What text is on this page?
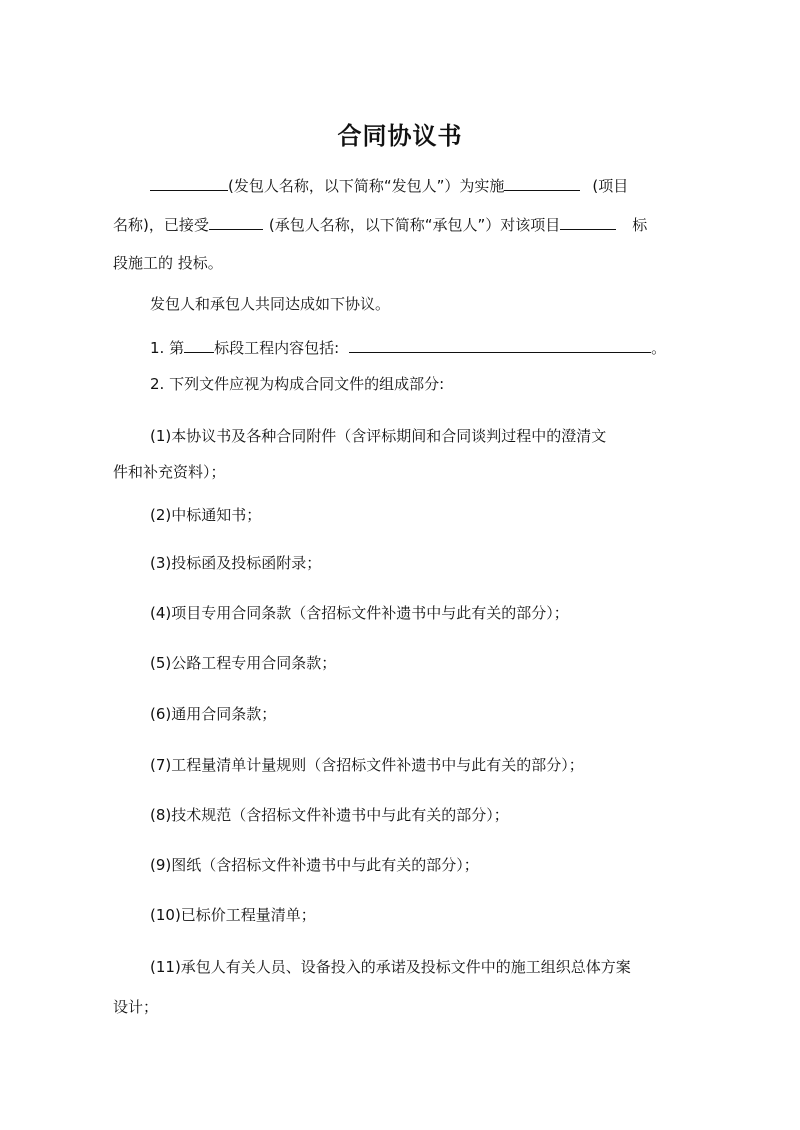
合同协议书
(发包人名称，以下简称“发包人”）为实施	(项目
名称)，已接受	(承包人名称，以下简称“承包人”）对该项目	标
段施工的 投标。
发包人和承包人共同达成如下协议。
1. 第 标段工程内容包括:	。
2. 下列文件应视为构成合同文件的组成部分:
(1)本协议书及各种合同附件（含评标期间和合同谈判过程中的澄清文
件和补充资料）；
(2)中标通知书；
(3)投标函及投标函附录；
(4)项目专用合同条款（含招标文件补遗书中与此有关的部分）；
(5)公路工程专用合同条款；
(6)通用合同条款；
(7)工程量清单计量规则（含招标文件补遗书中与此有关的部分）；
(8)技术规范（含招标文件补遗书中与此有关的部分）；
(9)图纸（含招标文件补遗书中与此有关的部分）；
(10)已标价工程量清单；
(11)承包人有关人员、设备投入的承诺及投标文件中的施工组织总体方案
设计；
